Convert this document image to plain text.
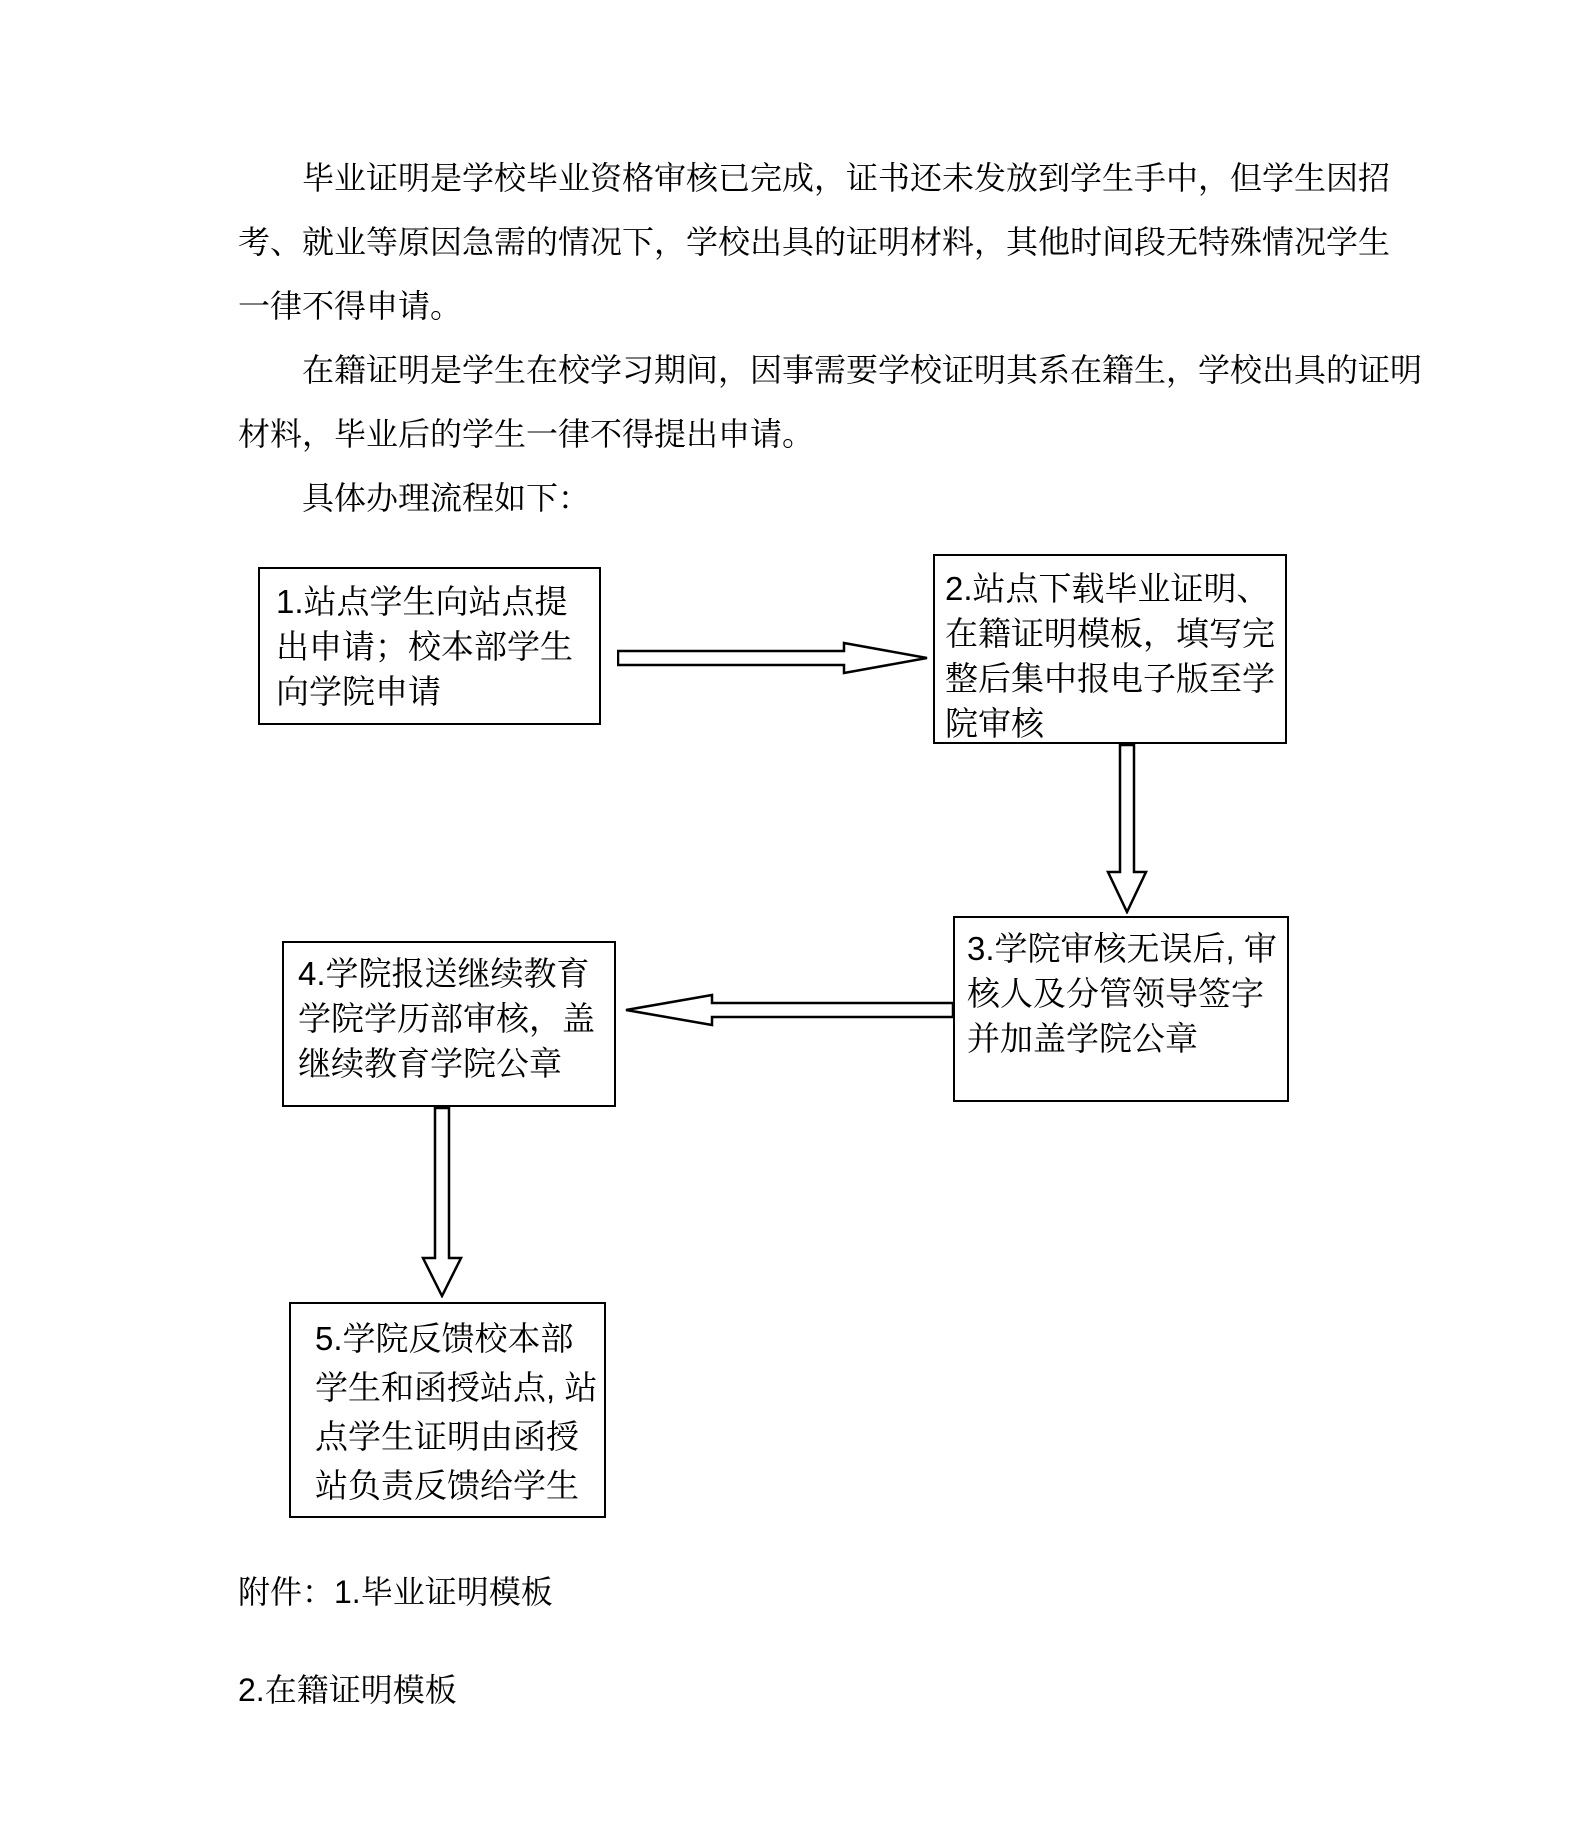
毕业证明是学校毕业资格审核已完成，证书还未发放到学生手中，但学生因招
考、就业等原因急需的情况下，学校出具的证明材料，其他时间段无特殊情况学生
一律不得申请。
在籍证明是学生在校学习期间，因事需要学校证明其系在籍生，学校出具的证明
材料，毕业后的学生一律不得提出申请。
具体办理流程如下：
1.站点学生向站点提
出申请；校本部学生
向学院申请
2.站点下载毕业证明、
在籍证明模板，填写完
整后集中报电子版至学
院审核
3.学院审核无误后, 审
核人及分管领导签字
并加盖学院公章
4.学院报送继续教育
学院学历部审核，盖
继续教育学院公章
5.学院反馈校本部
学生和函授站点, 站
点学生证明由函授
站负责反馈给学生
附件：1.毕业证明模板
2.在籍证明模板
